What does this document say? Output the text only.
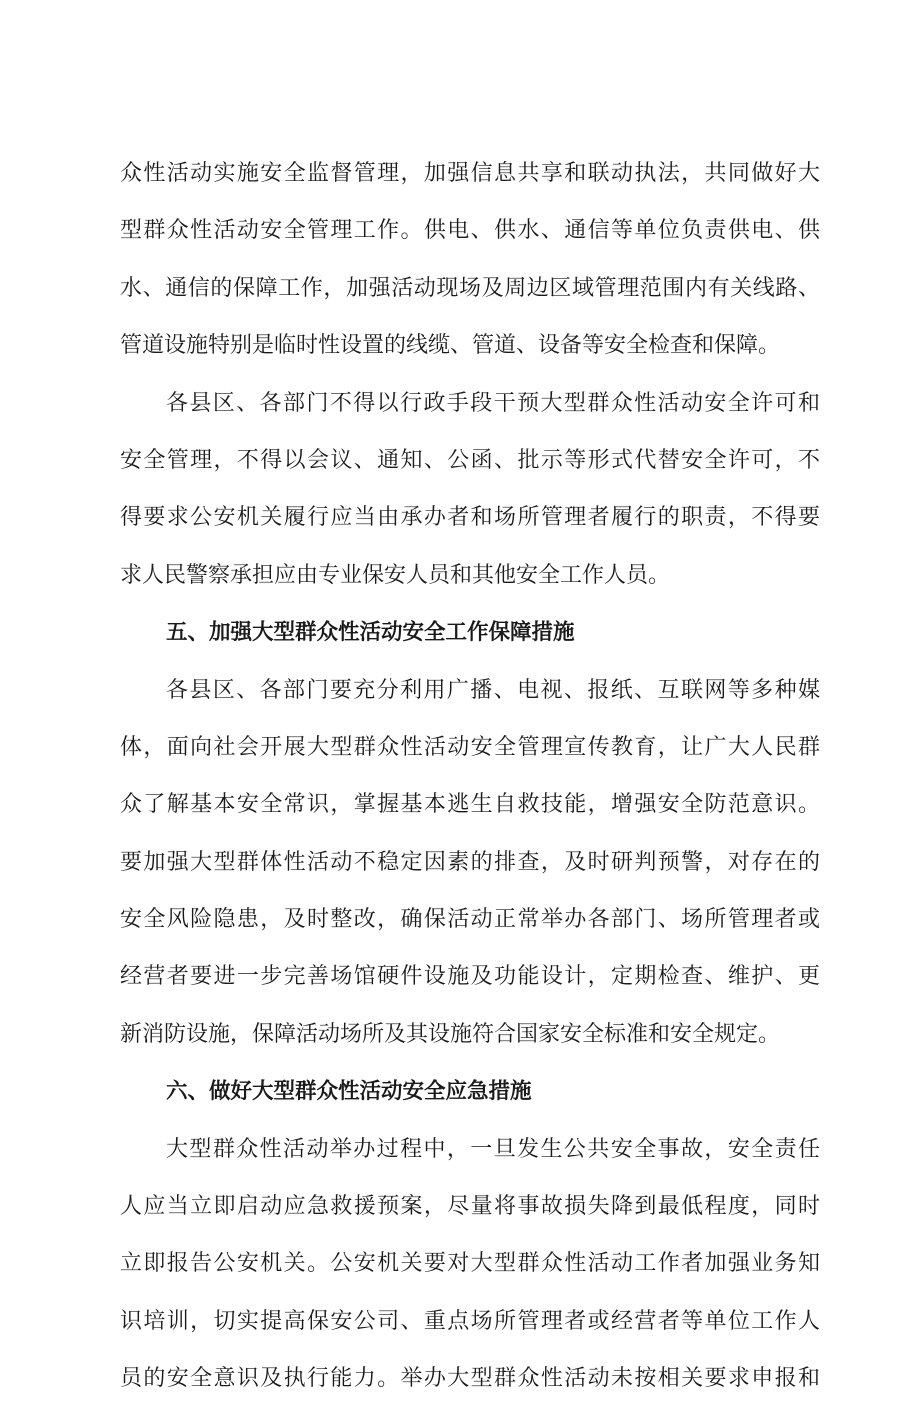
众性活动实施安全监督管理，加强信息共享和联动执法，共同做好大
型群众性活动安全管理工作。供电、供水、通信等单位负责供电、供
水、通信的保障工作，加强活动现场及周边区域管理范围内有关线路、
管道设施特别是临时性设置的线缆、管道、设备等安全检查和保障。
各县区、各部门不得以行政手段干预大型群众性活动安全许可和
安全管理，不得以会议、通知、公函、批示等形式代替安全许可，不
得要求公安机关履行应当由承办者和场所管理者履行的职责，不得要
求人民警察承担应由专业保安人员和其他安全工作人员。
五、加强大型群众性活动安全工作保障措施
各县区、各部门要充分利用广播、电视、报纸、互联网等多种媒
体，面向社会开展大型群众性活动安全管理宣传教育，让广大人民群
众了解基本安全常识，掌握基本逃生自救技能，增强安全防范意识。
要加强大型群体性活动不稳定因素的排查，及时研判预警，对存在的
安全风险隐患，及时整改，确保活动正常举办各部门、场所管理者或
经营者要进一步完善场馆硬件设施及功能设计，定期检查、维护、更
新消防设施，保障活动场所及其设施符合国家安全标准和安全规定。
六、做好大型群众性活动安全应急措施
大型群众性活动举办过程中，一旦发生公共安全事故，安全责任
人应当立即启动应急救援预案，尽量将事故损失降到最低程度，同时
立即报告公安机关。公安机关要对大型群众性活动工作者加强业务知
识培训，切实提高保安公司、重点场所管理者或经营者等单位工作人
员的安全意识及执行能力。举办大型群众性活动未按相关要求申报和
